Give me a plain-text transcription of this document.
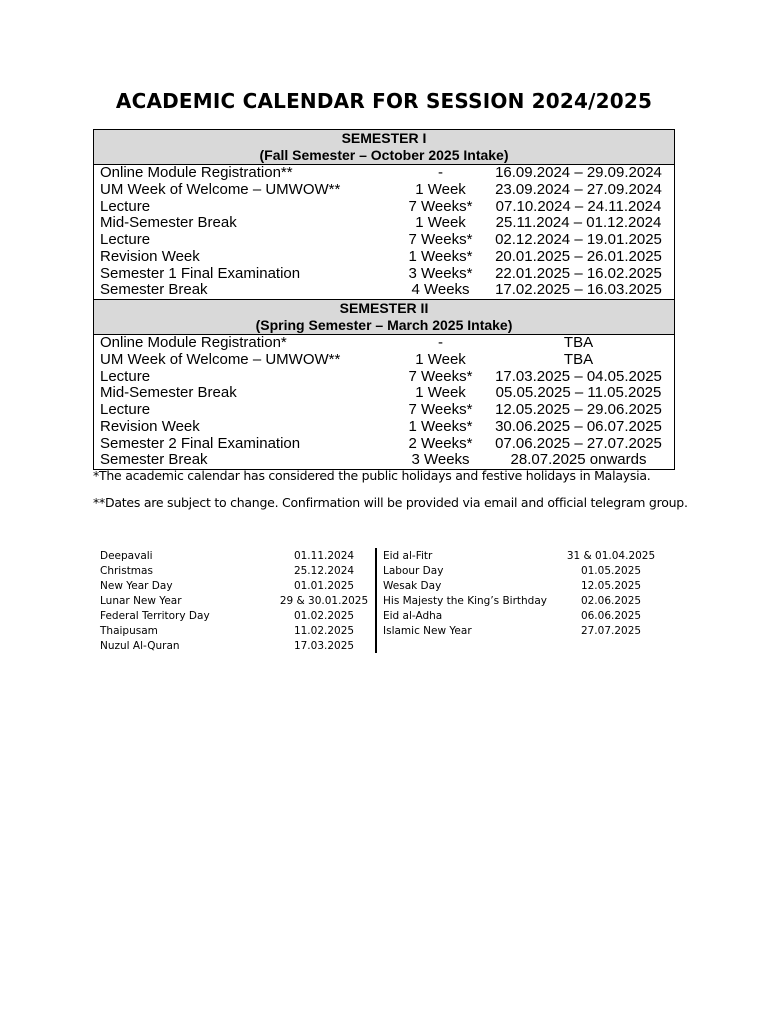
ACADEMIC CALENDAR FOR SESSION 2024/2025
SEMESTER I
(Fall Semester – October 2025 Intake)
Online Module Registration**	-	16.09.2024 – 29.09.2024
UM Week of Welcome – UMWOW**	1 Week	23.09.2024 – 27.09.2024
Lecture	7 Weeks*	07.10.2024 – 24.11.2024
Mid-Semester Break	1 Week	25.11.2024 – 01.12.2024
Lecture	7 Weeks*	02.12.2024 – 19.01.2025
Revision Week	1 Weeks*	20.01.2025 – 26.01.2025
Semester 1 Final Examination	3 Weeks*	22.01.2025 – 16.02.2025
Semester Break	4 Weeks	17.02.2025 – 16.03.2025
SEMESTER II
(Spring Semester – March 2025 Intake)
Online Module Registration*	-	TBA
UM Week of Welcome – UMWOW**	1 Week	TBA
Lecture	7 Weeks*	17.03.2025 – 04.05.2025
Mid-Semester Break	1 Week	05.05.2025 – 11.05.2025
Lecture	7 Weeks*	12.05.2025 – 29.06.2025
Revision Week	1 Weeks*	30.06.2025 – 06.07.2025
Semester 2 Final Examination	2 Weeks*	07.06.2025 – 27.07.2025
Semester Break	3 Weeks	28.07.2025 onwards
*The academic calendar has considered the public holidays and festive holidays in Malaysia.
**Dates are subject to change. Confirmation will be provided via email and official telegram group.
Deepavali	01.11.2024
Christmas	25.12.2024
New Year Day	01.01.2025
Lunar New Year	29 & 30.01.2025
Federal Territory Day	01.02.2025
Thaipusam	11.02.2025
Nuzul Al-Quran	17.03.2025
Eid al-Fitr	31 & 01.04.2025
Labour Day	01.05.2025
Wesak Day	12.05.2025
His Majesty the King’s Birthday	02.06.2025
Eid al-Adha	06.06.2025
Islamic New Year	27.07.2025
